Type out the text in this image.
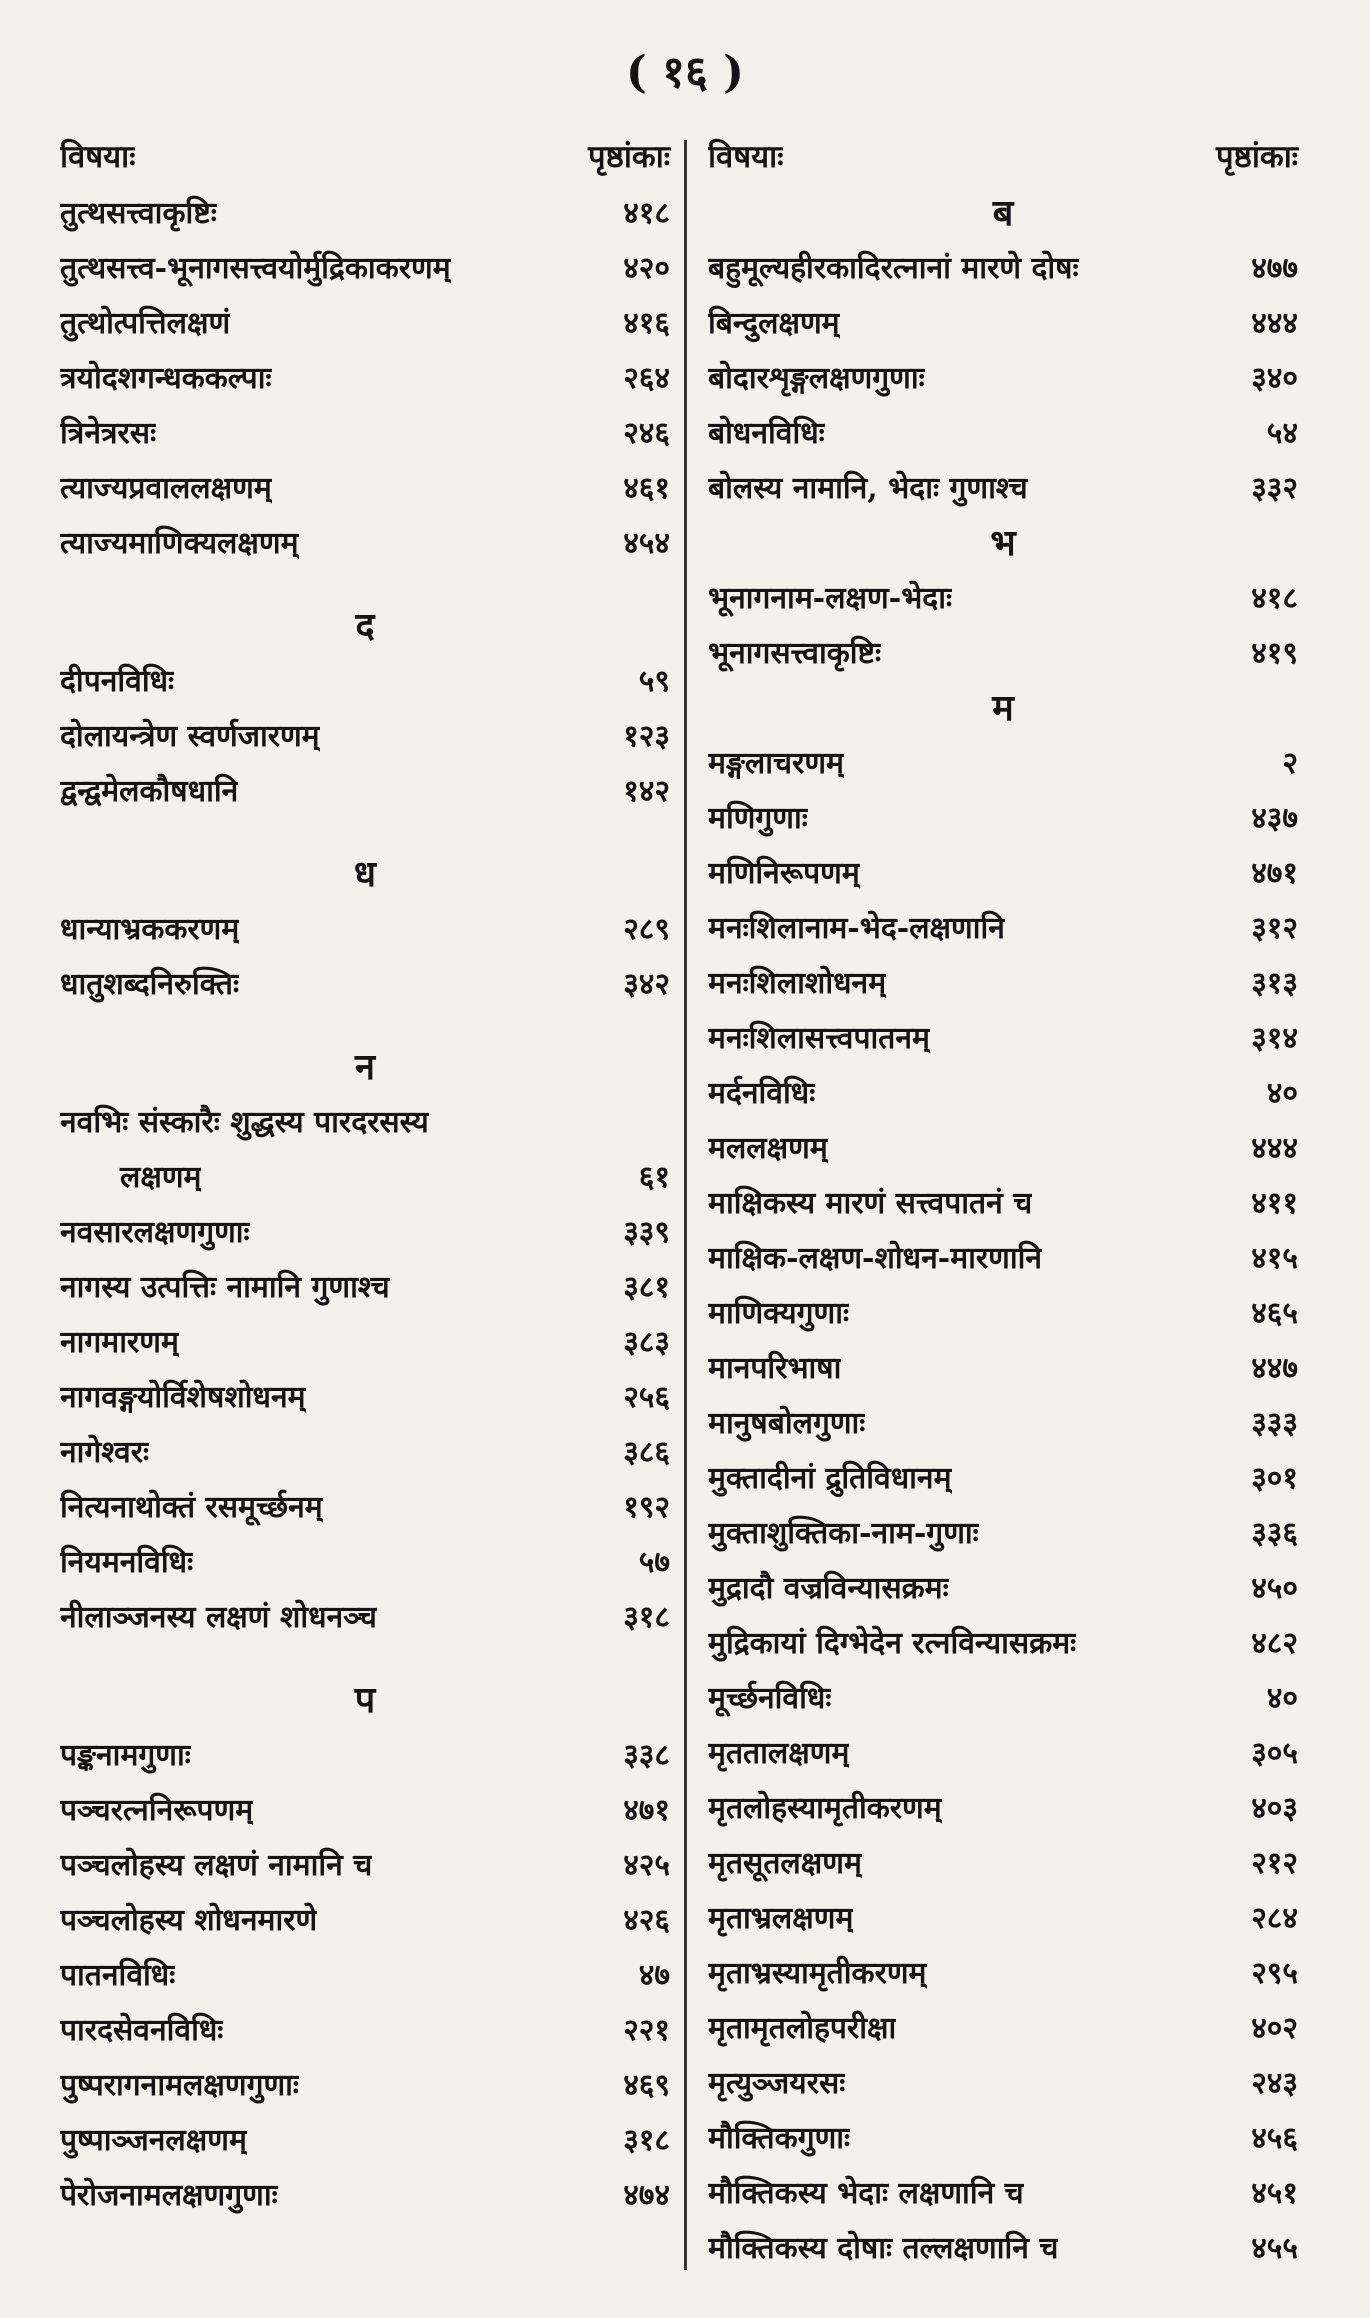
( १६ )
विषयाः	पृष्ठांकाः
तुत्थसत्त्वाकृष्टिः	४१८
तुत्थसत्त्व-भूनागसत्त्वयोर्मुद्रिकाकरणम्	४२०
तुत्थोत्पत्तिलक्षणं	४१६
त्रयोदशगन्धककल्पाः	२६४
त्रिनेत्ररसः	२४६
त्याज्यप्रवाललक्षणम्	४६१
त्याज्यमाणिक्यलक्षणम्	४५४
द
दीपनविधिः	५९
दोलायन्त्रेण स्वर्णजारणम्	१२३
द्वन्द्वमेलकौषधानि	१४२
ध
धान्याभ्रककरणम्	२८९
धातुशब्दनिरुक्तिः	३४२
न
नवभिः संस्कारैः शुद्धस्य पारदरसस्य
लक्षणम्	६१
नवसारलक्षणगुणाः	३३९
नागस्य उत्पत्तिः नामानि गुणाश्च	३८१
नागमारणम्	३८३
नागवङ्गयोर्विशेषशोधनम्	२५६
नागेश्वरः	३८६
नित्यनाथोक्तं रसमूर्च्छनम्	१९२
नियमनविधिः	५७
नीलाञ्जनस्य लक्षणं शोधनञ्च	३१८
प
पङ्कनामगुणाः	३३८
पञ्चरत्ननिरूपणम्	४७१
पञ्चलोहस्य लक्षणं नामानि च	४२५
पञ्चलोहस्य शोधनमारणे	४२६
पातनविधिः	४७
पारदसेवनविधिः	२२१
पुष्परागनामलक्षणगुणाः	४६९
पुष्पाञ्जनलक्षणम्	३१८
पेरोजनामलक्षणगुणाः	४७४
विषयाः	पृष्ठांकाः
ब
बहुमूल्यहीरकादिरत्नानां मारणे दोषः	४७७
बिन्दुलक्षणम्	४४४
बोदारशृङ्गलक्षणगुणाः	३४०
बोधनविधिः	५४
बोलस्य नामानि, भेदाः गुणाश्च	३३२
भ
भूनागनाम-लक्षण-भेदाः	४१८
भूनागसत्त्वाकृष्टिः	४१९
म
मङ्गलाचरणम्	२
मणिगुणाः	४३७
मणिनिरूपणम्	४७१
मनःशिलानाम-भेद-लक्षणानि	३१२
मनःशिलाशोधनम्	३१३
मनःशिलासत्त्वपातनम्	३१४
मर्दनविधिः	४०
मललक्षणम्	४४४
माक्षिकस्य मारणं सत्त्वपातनं च	४११
माक्षिक-लक्षण-शोधन-मारणानि	४१५
माणिक्यगुणाः	४६५
मानपरिभाषा	४४७
मानुषबोलगुणाः	३३३
मुक्तादीनां द्रुतिविधानम्	३०१
मुक्ताशुक्तिका-नाम-गुणाः	३३६
मुद्रादौ वज्रविन्यासक्रमः	४५०
मुद्रिकायां दिग्भेदेन रत्नविन्यासक्रमः	४८२
मूर्च्छनविधिः	४०
मृततालक्षणम्	३०५
मृतलोहस्यामृतीकरणम्	४०३
मृतसूतलक्षणम्	२१२
मृताभ्रलक्षणम्	२८४
मृताभ्रस्यामृतीकरणम्	२९५
मृतामृतलोहपरीक्षा	४०२
मृत्युञ्जयरसः	२४३
मौक्तिकगुणाः	४५६
मौक्तिकस्य भेदाः लक्षणानि च	४५१
मौक्तिकस्य दोषाः तल्लक्षणानि च	४५५
